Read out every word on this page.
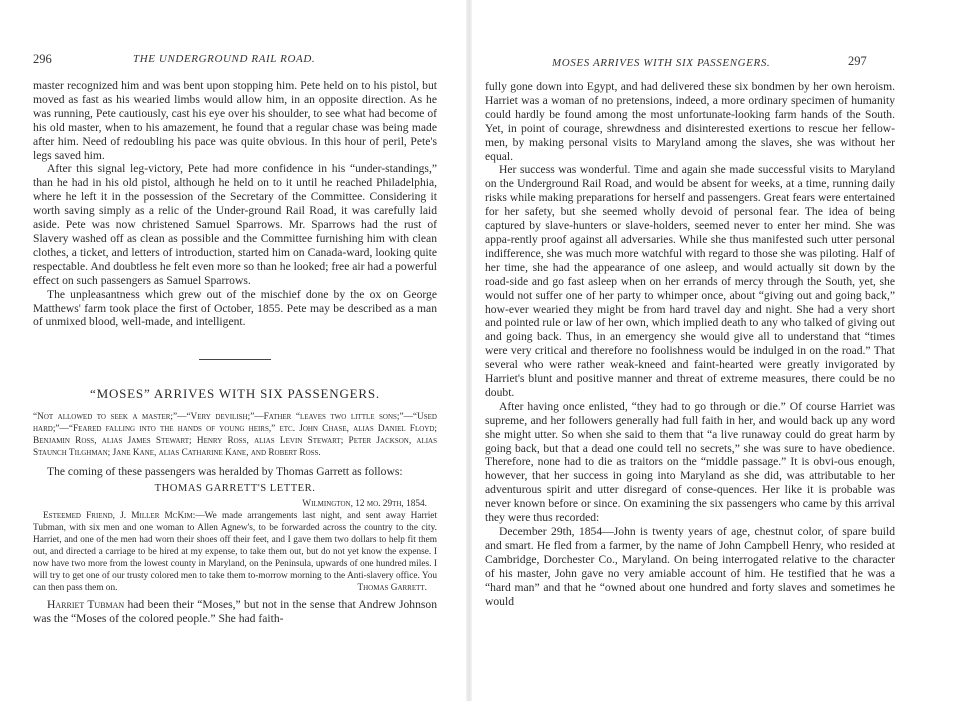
296	THE UNDERGROUND RAIL ROAD.

master recognized him and was bent upon stopping him. Pete held on to his pistol, but moved as fast as his wearied limbs would allow him, in an opposite direction. As he was running, Pete cautiously, cast his eye over his shoulder, to see what had become of his old master, when to his amazement, he found that a regular chase was being made after him. Need of redoubling his pace was quite obvious. In this hour of peril, Pete's legs saved him.

After this signal leg-victory, Pete had more confidence in his “under-standings,” than he had in his old pistol, although he held on to it until he reached Philadelphia, where he left it in the possession of the Secretary of the Committee. Considering it worth saving simply as a relic of the Under-ground Rail Road, it was carefully laid aside. Pete was now christened Samuel Sparrows. Mr. Sparrows had the rust of Slavery washed off as clean as possible and the Committee furnishing him with clean clothes, a ticket, and letters of introduction, started him on Canada-ward, looking quite respectable. And doubtless he felt even more so than he looked; free air had a powerful effect on such passengers as Samuel Sparrows.

The unpleasantness which grew out of the mischief done by the ox on George Matthews' farm took place the first of October, 1855. Pete may be described as a man of unmixed blood, well-made, and intelligent.

“MOSES” ARRIVES WITH SIX PASSENGERS.

“Not allowed to seek a master;”—“Very devilish;”—Father “leaves two little sons;”—“Used hard;”—“Feared falling into the hands of young heirs,” etc. John Chase, alias Daniel Floyd; Benjamin Ross, alias James Stewart; Henry Ross, alias Levin Stewart; Peter Jackson, alias Staunch Tilghman; Jane Kane, alias Catharine Kane, and Robert Ross.

The coming of these passengers was heralded by Thomas Garrett as follows:

THOMAS GARRETT'S LETTER.

Wilmington, 12 mo. 29th, 1854.

Esteemed Friend, J. Miller McKim:—We made arrangements last night, and sent away Harriet Tubman, with six men and one woman to Allen Agnew's, to be forwarded across the country to the city. Harriet, and one of the men had worn their shoes off their feet, and I gave them two dollars to help fit them out, and directed a carriage to be hired at my expense, to take them out, but do not yet know the expense. I now have two more from the lowest county in Maryland, on the Peninsula, upwards of one hundred miles. I will try to get one of our trusty colored men to take them to-morrow morning to the Anti-slavery office. You can then pass them on.	Thomas Garrett.

Harriet Tubman had been their “Moses,” but not in the sense that Andrew Johnson was the “Moses of the colored people.” She had faith-

MOSES ARRIVES WITH SIX PASSENGERS.	297

fully gone down into Egypt, and had delivered these six bondmen by her own heroism. Harriet was a woman of no pretensions, indeed, a more ordinary specimen of humanity could hardly be found among the most unfortunate-looking farm hands of the South. Yet, in point of courage, shrewdness and disinterested exertions to rescue her fellow-men, by making personal visits to Maryland among the slaves, she was without her equal.

Her success was wonderful. Time and again she made successful visits to Maryland on the Underground Rail Road, and would be absent for weeks, at a time, running daily risks while making preparations for herself and passengers. Great fears were entertained for her safety, but she seemed wholly devoid of personal fear. The idea of being captured by slave-hunters or slave-holders, seemed never to enter her mind. She was appa-rently proof against all adversaries. While she thus manifested such utter personal indifference, she was much more watchful with regard to those she was piloting. Half of her time, she had the appearance of one asleep, and would actually sit down by the road-side and go fast asleep when on her errands of mercy through the South, yet, she would not suffer one of her party to whimper once, about “giving out and going back,” how-ever wearied they might be from hard travel day and night. She had a very short and pointed rule or law of her own, which implied death to any who talked of giving out and going back. Thus, in an emergency she would give all to understand that “times were very critical and therefore no foolishness would be indulged in on the road.” That several who were rather weak-kneed and faint-hearted were greatly invigorated by Harriet's blunt and positive manner and threat of extreme measures, there could be no doubt.

After having once enlisted, “they had to go through or die.” Of course Harriet was supreme, and her followers generally had full faith in her, and would back up any word she might utter. So when she said to them that “a live runaway could do great harm by going back, but that a dead one could tell no secrets,” she was sure to have obedience. Therefore, none had to die as traitors on the “middle passage.” It is obvi-ous enough, however, that her success in going into Maryland as she did, was attributable to her adventurous spirit and utter disregard of conse-quences. Her like it is probable was never known before or since. On examining the six passengers who came by this arrival they were thus recorded:

December 29th, 1854—John is twenty years of age, chestnut color, of spare build and smart. He fled from a farmer, by the name of John Campbell Henry, who resided at Cambridge, Dorchester Co., Maryland. On being interrogated relative to the character of his master, John gave no very amiable account of him. He testified that he was a “hard man” and that he “owned about one hundred and forty slaves and sometimes he would
